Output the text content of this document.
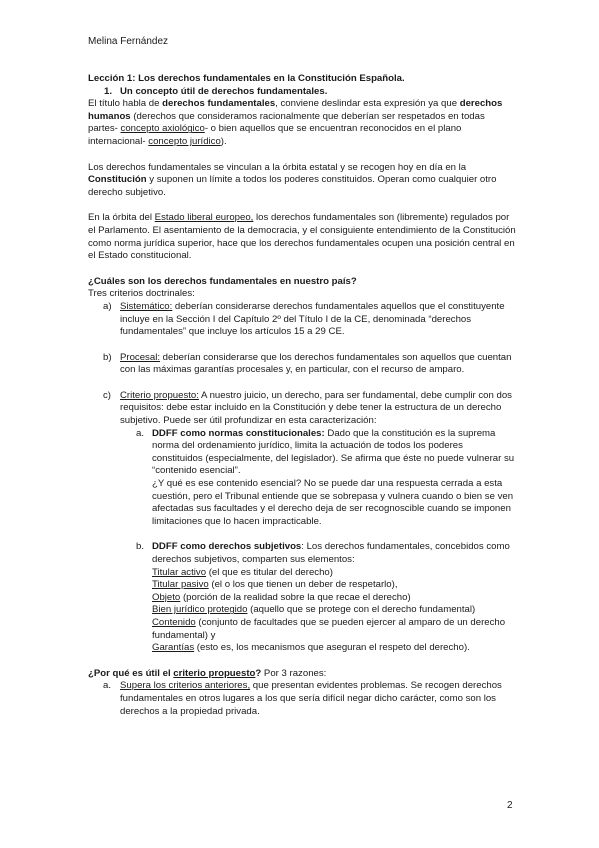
Melina Fernández

Lección 1: Los derechos fundamentales en la Constitución Española.

1. Un concepto útil de derechos fundamentales.

El título habla de derechos fundamentales, conviene deslindar esta expresión ya que derechos humanos (derechos que consideramos racionalmente que deberían ser respetados en todas partes- concepto axiológico- o bien aquellos que se encuentran reconocidos en el plano internacional- concepto jurídico).

Los derechos fundamentales se vinculan a la órbita estatal y se recogen hoy en día en la Constitución y suponen un límite a todos los poderes constituidos. Operan como cualquier otro derecho subjetivo.

En la órbita del Estado liberal europeo, los derechos fundamentales son (libremente) regulados por el Parlamento. El asentamiento de la democracia, y el consiguiente entendimiento de la Constitución como norma jurídica superior, hace que los derechos fundamentales ocupen una posición central en el Estado constitucional.

¿Cuáles son los derechos fundamentales en nuestro país?

Tres criterios doctrinales:

a) Sistemático: deberían considerarse derechos fundamentales aquellos que el constituyente incluye en la Sección I del Capítulo 2º del Título I de la CE, denominada “derechos fundamentales” que incluye los artículos 15 a 29 CE.

b) Procesal: deberían considerarse que los derechos fundamentales son aquellos que cuentan con las máximas garantías procesales y, en particular, con el recurso de amparo.

c) Criterio propuesto: A nuestro juicio, un derecho, para ser fundamental, debe cumplir con dos requisitos: debe estar incluido en la Constitución y debe tener la estructura de un derecho subjetivo. Puede ser útil profundizar en esta caracterización:

a. DDFF como normas constitucionales: Dado que la constitución es la suprema norma del ordenamiento jurídico, limita la actuación de todos los poderes constituidos (especialmente, del legislador). Se afirma que éste no puede vulnerar su “contenido esencial”.

¿Y qué es ese contenido esencial? No se puede dar una respuesta cerrada a esta cuestión, pero el Tribunal entiende que se sobrepasa y vulnera cuando o bien se ven afectadas sus facultades y el derecho deja de ser recognoscible cuando se imponen limitaciones que lo hacen impracticable.

b. DDFF como derechos subjetivos: Los derechos fundamentales, concebidos como derechos subjetivos, comparten sus elementos:

Titular activo (el que es titular del derecho)

Titular pasivo (el o los que tienen un deber de respetarlo),

Objeto (porción de la realidad sobre la que recae el derecho)

Bien jurídico protegido (aquello que se protege con el derecho fundamental)

Contenido (conjunto de facultades que se pueden ejercer al amparo de un derecho fundamental) y

Garantías (esto es, los mecanismos que aseguran el respeto del derecho).

¿Por qué es útil el criterio propuesto? Por 3 razones:

a. Supera los criterios anteriores, que presentan evidentes problemas. Se recogen derechos fundamentales en otros lugares a los que sería difícil negar dicho carácter, como son los derechos a la propiedad privada.

2
